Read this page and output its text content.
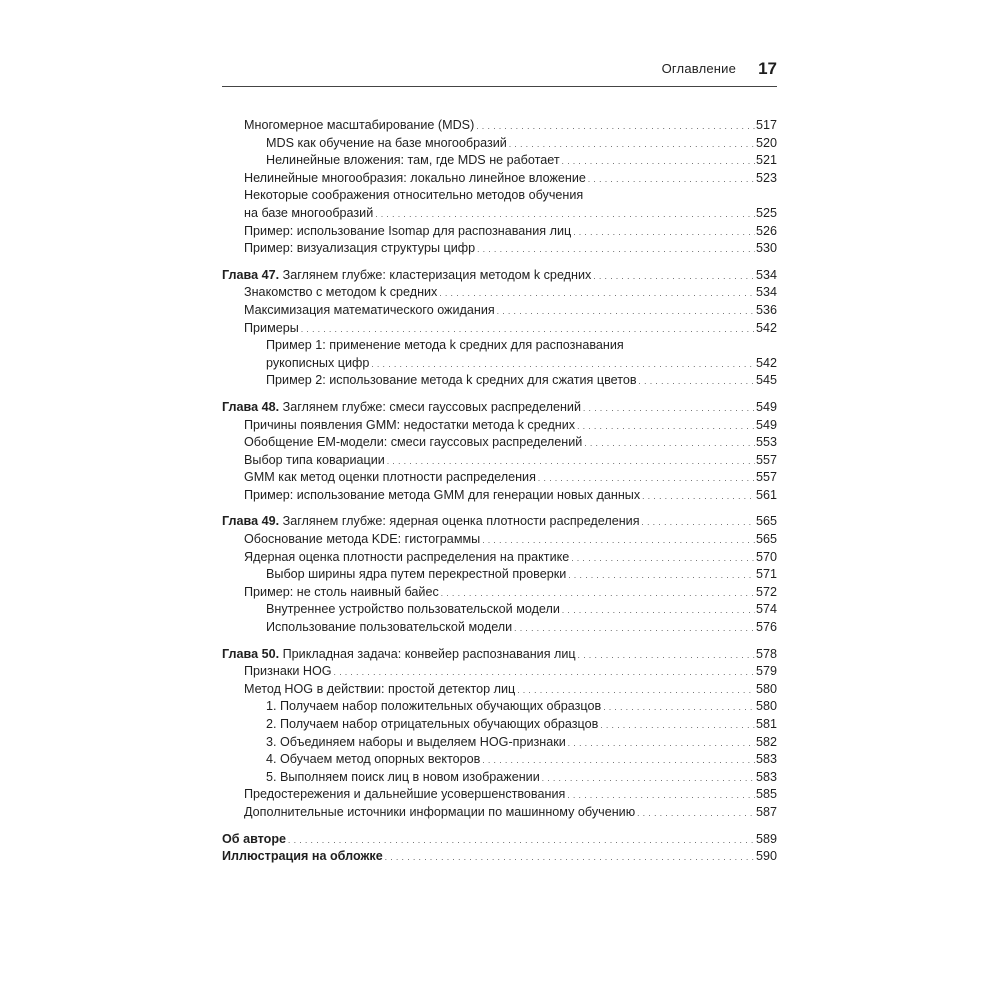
Оглавление 17
Многомерное масштабирование (MDS) . . .	517
MDS как обучение на базе многообразий . . .	520
Нелинейные вложения: там, где MDS не работает . . .	521
Нелинейные многообразия: локально линейное вложение . . .	523
Некоторые соображения относительно методов обучения
на базе многообразий . . .	525
Пример: использование Isomap для распознавания лиц . . .	526
Пример: визуализация структуры цифр . . .	530
Глава 47. Заглянем глубже: кластеризация методом k средних . . .	534
Знакомство с методом k средних . . .	534
Максимизация математического ожидания . . .	536
Примеры . . .	542
Пример 1: применение метода k средних для распознавания
рукописных цифр . . .	542
Пример 2: использование метода k средних для сжатия цветов . . .	545
Глава 48. Заглянем глубже: смеси гауссовых распределений . . .	549
Причины появления GMM: недостатки метода k средних . . .	549
Обобщение EM-модели: смеси гауссовых распределений . . .	553
Выбор типа ковариации . . .	557
GMM как метод оценки плотности распределения . . .	557
Пример: использование метода GMM для генерации новых данных . . .	561
Глава 49. Заглянем глубже: ядерная оценка плотности распределения . . .	565
Обоснование метода KDE: гистограммы . . .	565
Ядерная оценка плотности распределения на практике . . .	570
Выбор ширины ядра путем перекрестной проверки . . .	571
Пример: не столь наивный байес . . .	572
Внутреннее устройство пользовательской модели . . .	574
Использование пользовательской модели . . .	576
Глава 50. Прикладная задача: конвейер распознавания лиц . . .	578
Признаки HOG . . .	579
Метод HOG в действии: простой детектор лиц . . .	580
1. Получаем набор положительных обучающих образцов . . .	580
2. Получаем набор отрицательных обучающих образцов . . .	581
3. Объединяем наборы и выделяем HOG-признаки . . .	582
4. Обучаем метод опорных векторов . . .	583
5. Выполняем поиск лиц в новом изображении . . .	583
Предостережения и дальнейшие усовершенствования . . .	585
Дополнительные источники информации по машинному обучению . . .	587
Об авторе . . .	589
Иллюстрация на обложке . . .	590
